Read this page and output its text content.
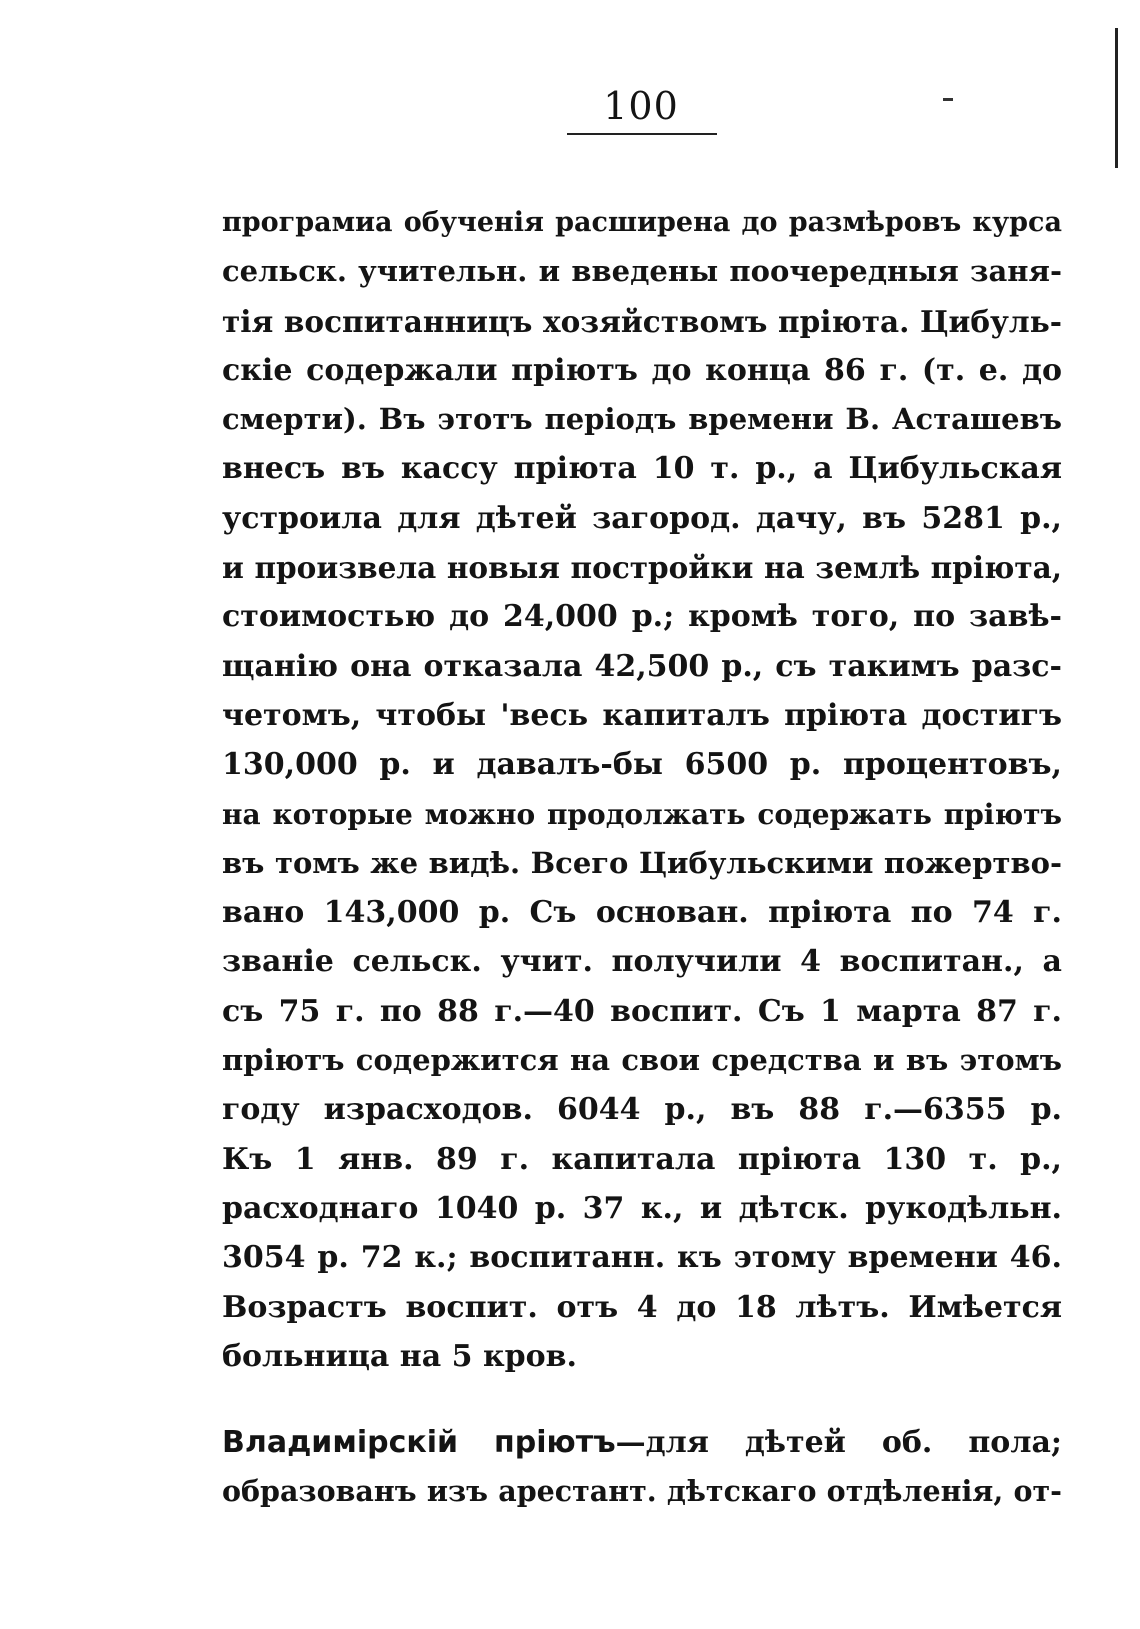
100
програмиа обученія расширена до размѣровъ курса
сельск. учительн. и введены поочередныя заня-
тія воспитанницъ хозяйствомъ пріюта. Цибуль-
скіе содержали пріютъ до конца 86 г. (т. е. до
смерти). Въ этотъ періодъ времени В. Асташевъ
внесъ въ кассу пріюта 10 т. р., а Цибульская
устроила для дѣтей загород. дачу, въ 5281 р.,
и произвела новыя постройки на землѣ пріюта,
стоимостью до 24,000 р.; кромѣ того, по завѣ-
щанію она отказала 42,500 р., съ такимъ разс-
четомъ, чтобы 'весь капиталъ пріюта достигъ
130,000 р. и давалъ-бы 6500 р. процентовъ,
на которые можно продолжать содержать пріютъ
въ томъ же видѣ. Всего Цибульскими пожертво-
вано 143,000 р. Съ основан. пріюта по 74 г.
званіе сельск. учит. получили 4 воспитан., а
съ 75 г. по 88 г.—40 воспит. Съ 1 марта 87 г.
пріютъ содержится на свои средства и въ этомъ
году израсходов. 6044 р., въ 88 г.—6355 р.
Къ 1 янв. 89 г. капитала пріюта 130 т. р.,
расходнаго 1040 р. 37 к., и дѣтск. рукодѣльн.
3054 р. 72 к.; воспитанн. къ этому времени 46.
Возрастъ воспит. отъ 4 до 18 лѣтъ. Имѣется
больница на 5 кров.
Владимірскій пріютъ—для дѣтей об. пола;
образованъ изъ арестант. дѣтскаго отдѣленія, от-
